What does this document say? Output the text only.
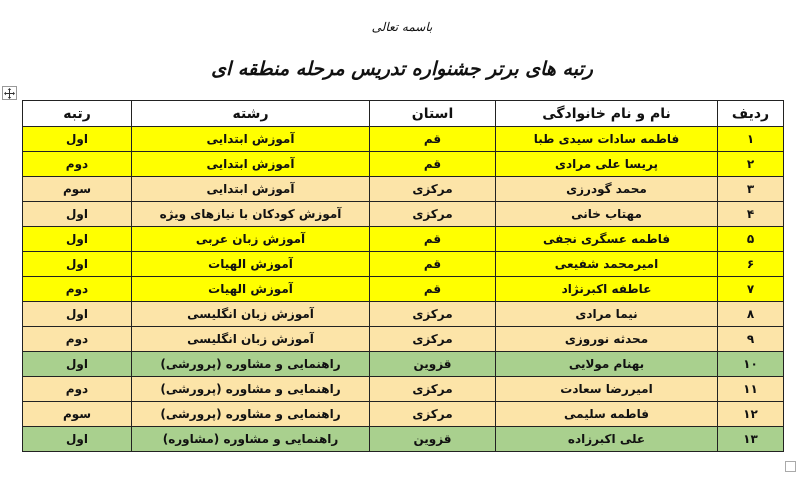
باسمه تعالی
رتبه های برتر جشنواره تدریس مرحله منطقه ای
ردیف	نام و نام خانوادگی	استان	رشته	رتبه
۱	فاطمه سادات سیدی طبا	قم	آموزش ابتدایی	اول
۲	پریسا علی مرادی	قم	آموزش ابتدایی	دوم
۳	محمد گودرزی	مرکزی	آموزش ابتدایی	سوم
۴	مهتاب خانی	مرکزی	آموزش کودکان با نیازهای ویژه	اول
۵	فاطمه عسگری نجفی	قم	آموزش زبان عربی	اول
۶	امیرمحمد شفیعی	قم	آموزش الهیات	اول
۷	عاطفه اکبرنژاد	قم	آموزش الهیات	دوم
۸	نیما مرادی	مرکزی	آموزش زبان انگلیسی	اول
۹	محدثه نوروزی	مرکزی	آموزش زبان انگلیسی	دوم
۱۰	بهنام مولایی	قزوین	راهنمایی و مشاوره (پرورشی)	اول
۱۱	امیررضا سعادت	مرکزی	راهنمایی و مشاوره (پرورشی)	دوم
۱۲	فاطمه سلیمی	مرکزی	راهنمایی و مشاوره (پرورشی)	سوم
۱۳	علی اکبرزاده	قزوین	راهنمایی و مشاوره (مشاوره)	اول
